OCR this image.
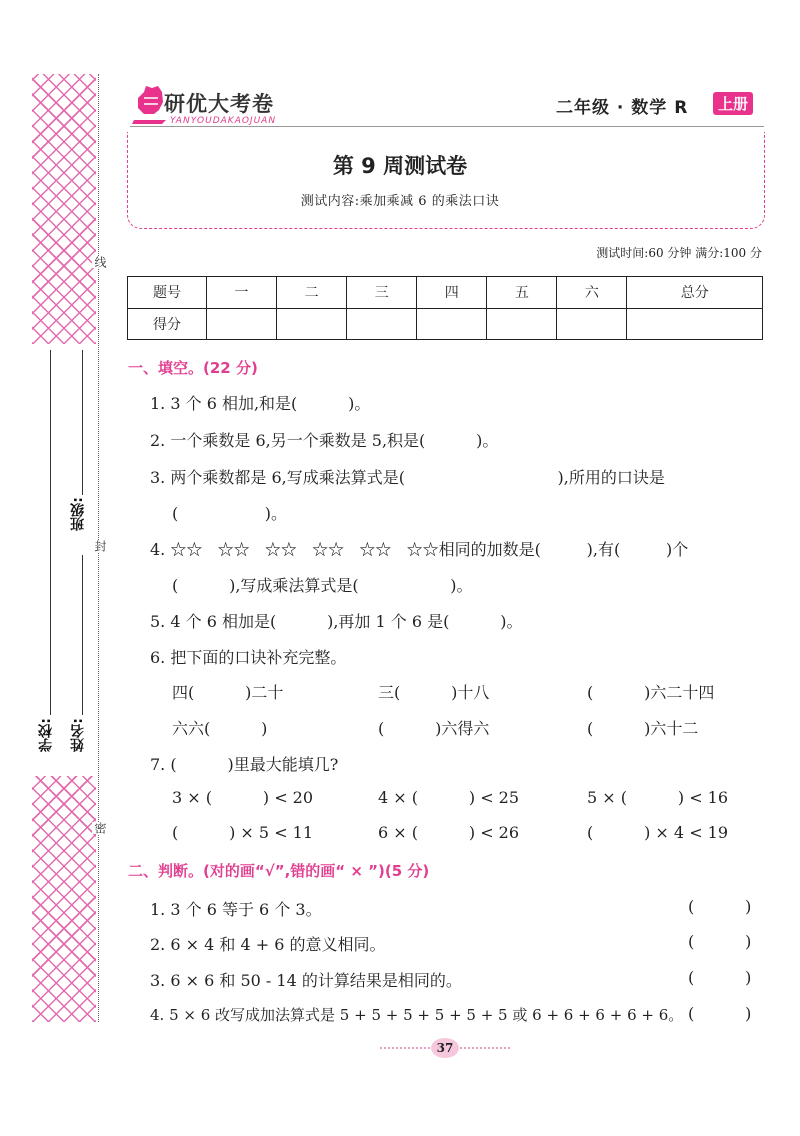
线
封
密
学校: 姓名:
班级:
研优大考卷
YANYOUDAKAOJUAN
二年级 · 数学 R	上册
第 9 周测试卷
测试内容:乘加乘减 6 的乘法口诀
测试时间:60 分钟 满分:100 分
题号	一	二	三	四	五	六	总分
得分							
一、填空。(22 分)
1. 3 个 6 相加,和是(          )。
2. 一个乘数是 6,另一个乘数是 5,积是(          )。
3. 两个乘数都是 6,写成乘法算式是(                              ),所用的口诀是
(                 )。
4. ☆☆   ☆☆   ☆☆   ☆☆   ☆☆   ☆☆相同的加数是(         ),有(         )个
(          ),写成乘法算式是(                  )。
5. 4 个 6 相加是(          ),再加 1 个 6 是(          )。
6. 把下面的口诀补充完整。
四(          )二十	三(          )十八	(          )六二十四
六六(          )	(          )六得六	(          )六十二
7. (          )里最大能填几?
3 × (          ) < 20	4 × (          ) < 25	5 × (          ) < 16
(          ) × 5 < 11	6 × (          ) < 26	(          ) × 4 < 19
二、判断。(对的画“√”,错的画“ × ”)(5 分)
1. 3 个 6 等于 6 个 3。	(          )
2. 6 × 4 和 4 + 6 的意义相同。	(          )
3. 6 × 6 和 50 - 14 的计算结果是相同的。	(          )
4. 5 × 6 改写成加法算式是 5 + 5 + 5 + 5 + 5 + 5 或 6 + 6 + 6 + 6 + 6。 (          )
37
